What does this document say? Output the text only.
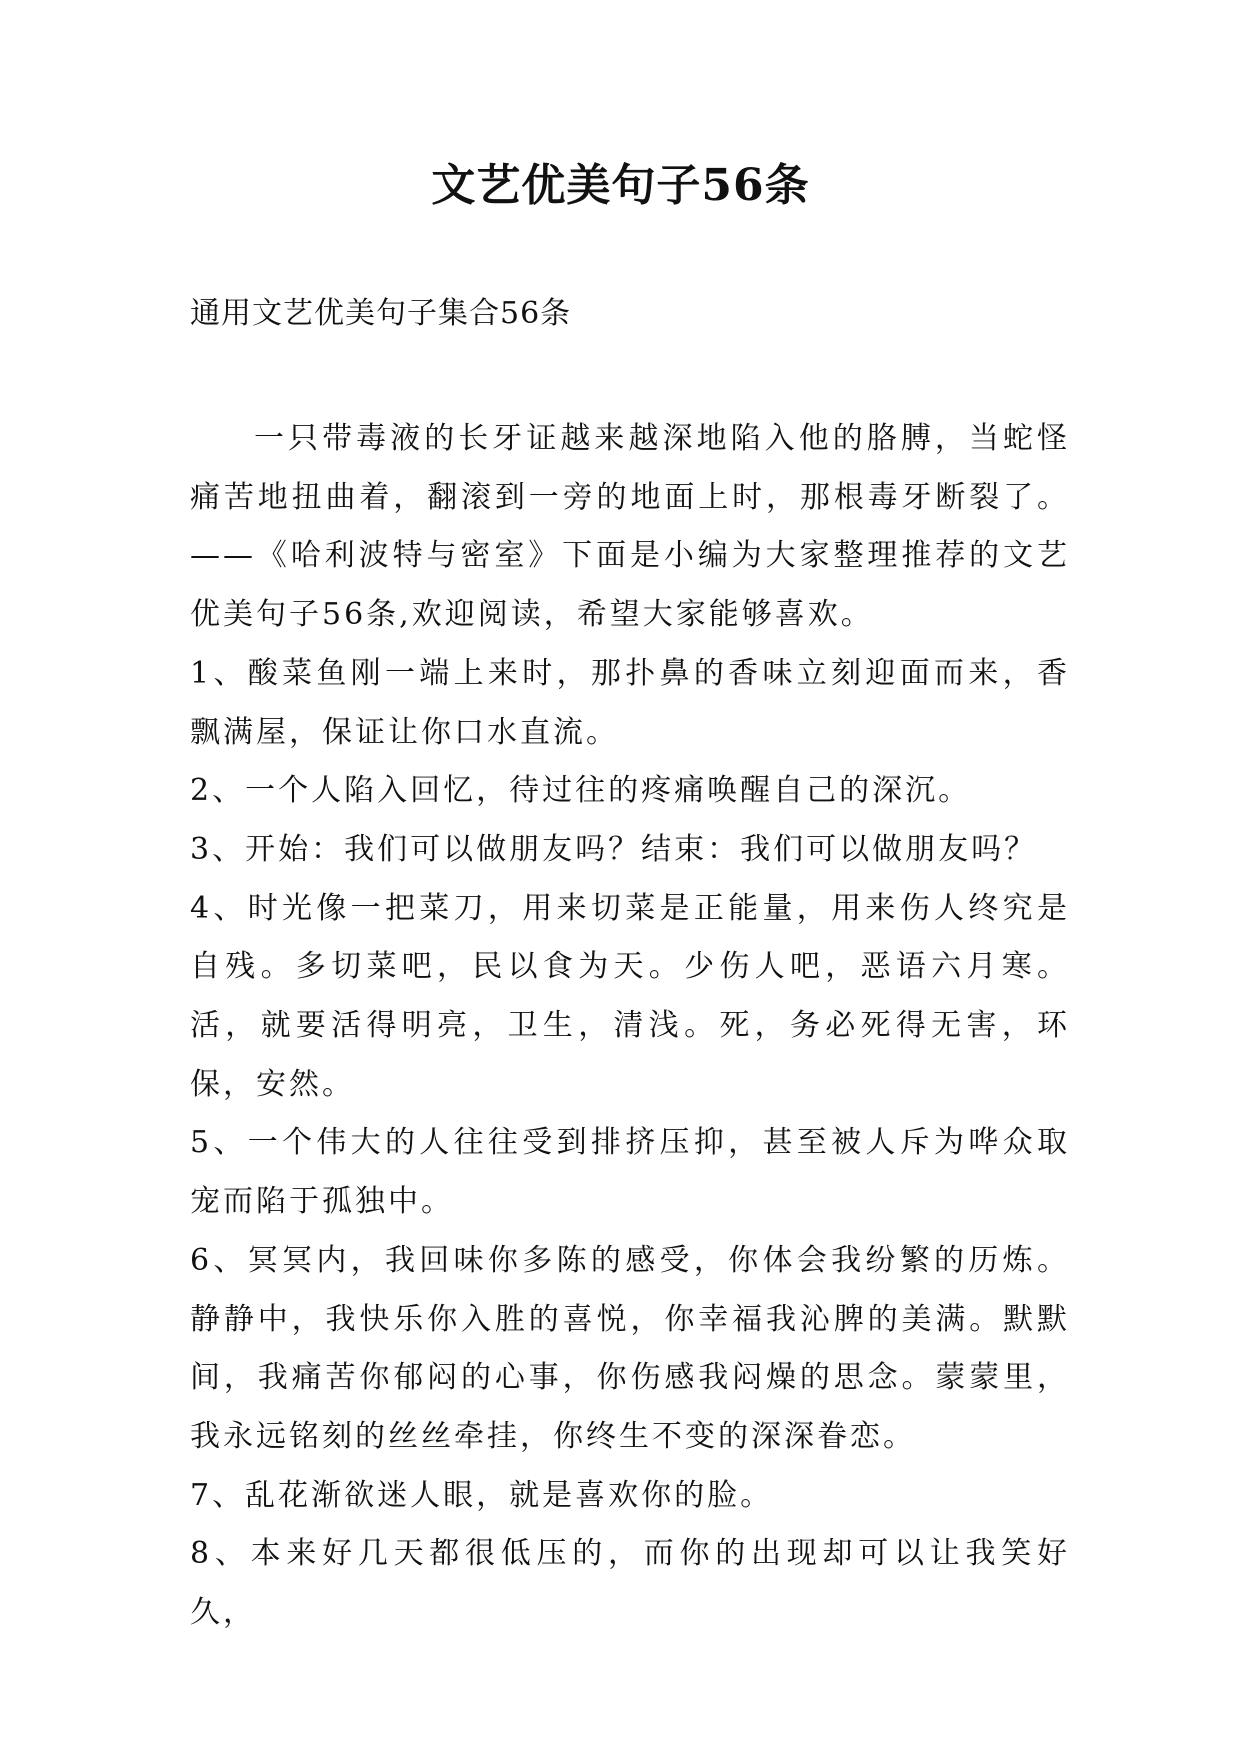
文艺优美句子56条
通用文艺优美句子集合56条

一只带毒液的长牙证越来越深地陷入他的胳膊，当蛇怪痛苦地扭曲着，翻滚到一旁的地面上时，那根毒牙断裂了。——《哈利波特与密室》下面是小编为大家整理推荐的文艺优美句子56条,欢迎阅读，希望大家能够喜欢。

1、酸菜鱼刚一端上来时，那扑鼻的香味立刻迎面而来，香飘满屋，保证让你口水直流。

2、一个人陷入回忆，待过往的疼痛唤醒自己的深沉。

3、开始：我们可以做朋友吗？结束：我们可以做朋友吗？

4、时光像一把菜刀，用来切菜是正能量，用来伤人终究是自残。多切菜吧，民以食为天。少伤人吧，恶语六月寒。活，就要活得明亮，卫生，清浅。死，务必死得无害，环保，安然。

5、一个伟大的人往往受到排挤压抑，甚至被人斥为哗众取宠而陷于孤独中。

6、冥冥内，我回味你多陈的感受，你体会我纷繁的历炼。静静中，我快乐你入胜的喜悦，你幸福我沁脾的美满。默默间，我痛苦你郁闷的心事，你伤感我闷燥的思念。蒙蒙里，我永远铭刻的丝丝牵挂，你终生不变的深深眷恋。

7、乱花渐欲迷人眼，就是喜欢你的脸。

8、本来好几天都很低压的，而你的出现却可以让我笑好久，
